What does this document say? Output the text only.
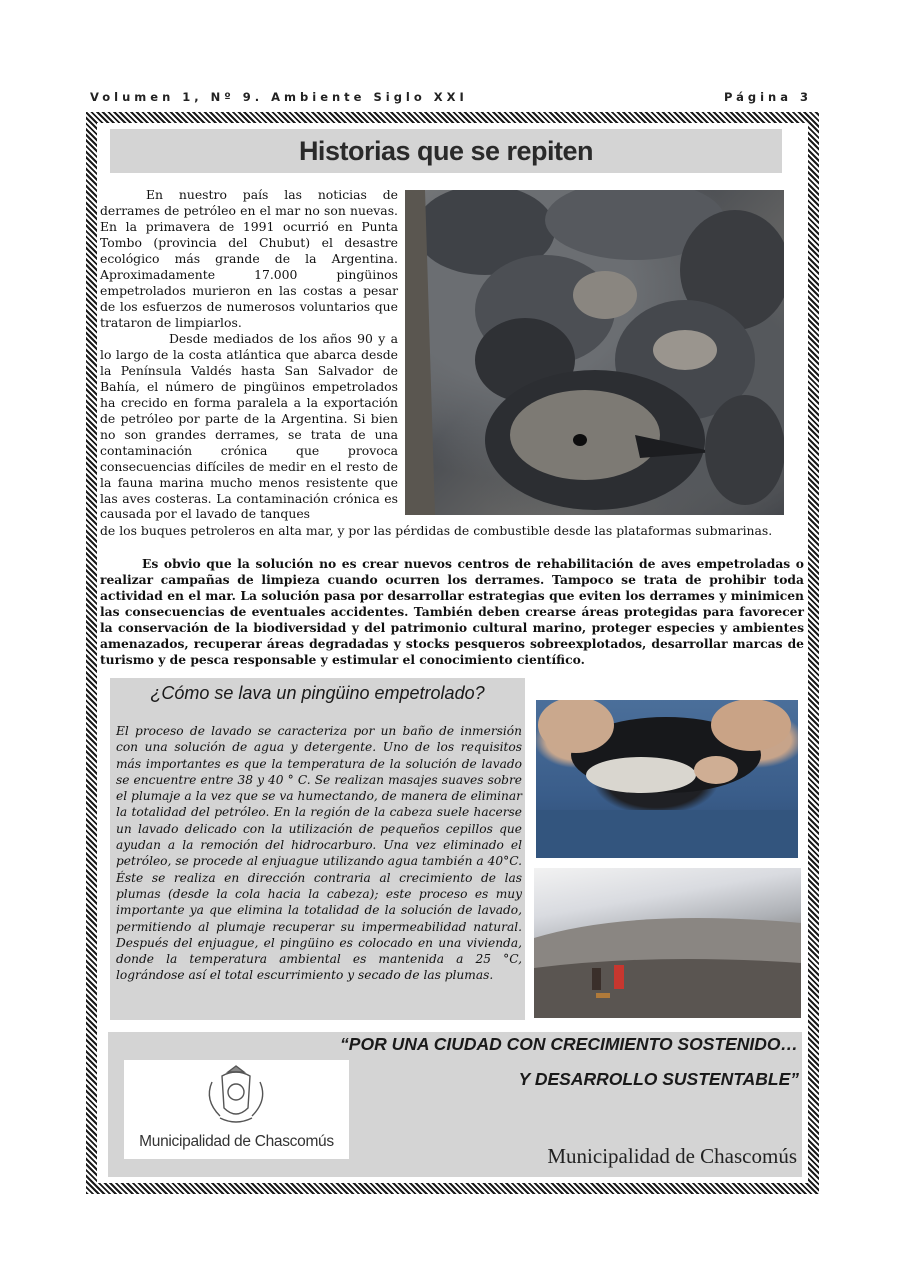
Volumen 1, Nº 9. Ambiente Siglo XXI	Página 3
Historias que se repiten

En nuestro país las noticias de derrames de petróleo en el mar no son nuevas. En la primavera de 1991 ocurrió en Punta Tombo (provincia del Chubut) el desastre ecológico más grande de la Argentina. Aproximadamente 17.000 pingüinos empetrolados murieron en las costas a pesar de los esfuerzos de numerosos voluntarios que trataron de limpiarlos.

Desde mediados de los años 90 y a lo largo de la costa atlántica que abarca desde la Península Valdés hasta San Salvador de Bahía, el número de pingüinos empetrolados ha crecido en forma paralela a la exportación de petróleo por parte de la Argentina. Si bien no son grandes derrames, se trata de una contaminación crónica que provoca consecuencias difíciles de medir en el resto de la fauna marina mucho menos resistente que las aves costeras. La contaminación crónica es causada por el lavado de tanques

de los buques petroleros en alta mar, y por las pérdidas de combustible desde las plataformas submarinas.

Es obvio que la solución no es crear nuevos centros de rehabilitación de aves empetroladas o realizar campañas de limpieza cuando ocurren los derrames. Tampoco se trata de prohibir toda actividad en el mar. La solución pasa por desarrollar estrategias que eviten los derrames y minimicen las consecuencias de eventuales accidentes. También deben crearse áreas protegidas para favorecer la conservación de la biodiversidad y del patrimonio cultural marino, proteger especies y ambientes amenazados, recuperar áreas degradadas y stocks pesqueros sobreexplotados, desarrollar marcas de turismo y de pesca responsable y estimular el conocimiento científico.

¿Cómo se lava un pingüino empetrolado?

El proceso de lavado se caracteriza por un baño de inmersión con una solución de agua y detergente. Uno de los requisitos más importantes es que la temperatura de la solución de lavado se encuentre entre 38 y 40 ° C. Se realizan masajes suaves sobre el plumaje a la vez que se va humectando, de manera de eliminar la totalidad del petróleo. En la región de la cabeza suele hacerse un lavado delicado con la utilización de pequeños cepillos que ayudan a la remoción del hidrocarburo. Una vez eliminado el petróleo, se procede al enjuague utilizando agua también a 40°C. Éste se realiza en dirección contraria al crecimiento de las plumas (desde la cola hacia la cabeza); este proceso es muy importante ya que elimina la totalidad de la solución de lavado, permitiendo al plumaje recuperar su impermeabilidad natural. Después del enjuague, el pingüino es colocado en una vivienda, donde la temperatura ambiental es mantenida a 25 °C, lográndose así el total escurrimiento y secado de las plumas.

“POR UNA CIUDAD CON CRECIMIENTO SOSTENIDO…
Y DESARROLLO SUSTENTABLE”
Municipalidad de Chascomús
Municipalidad de Chascomús
